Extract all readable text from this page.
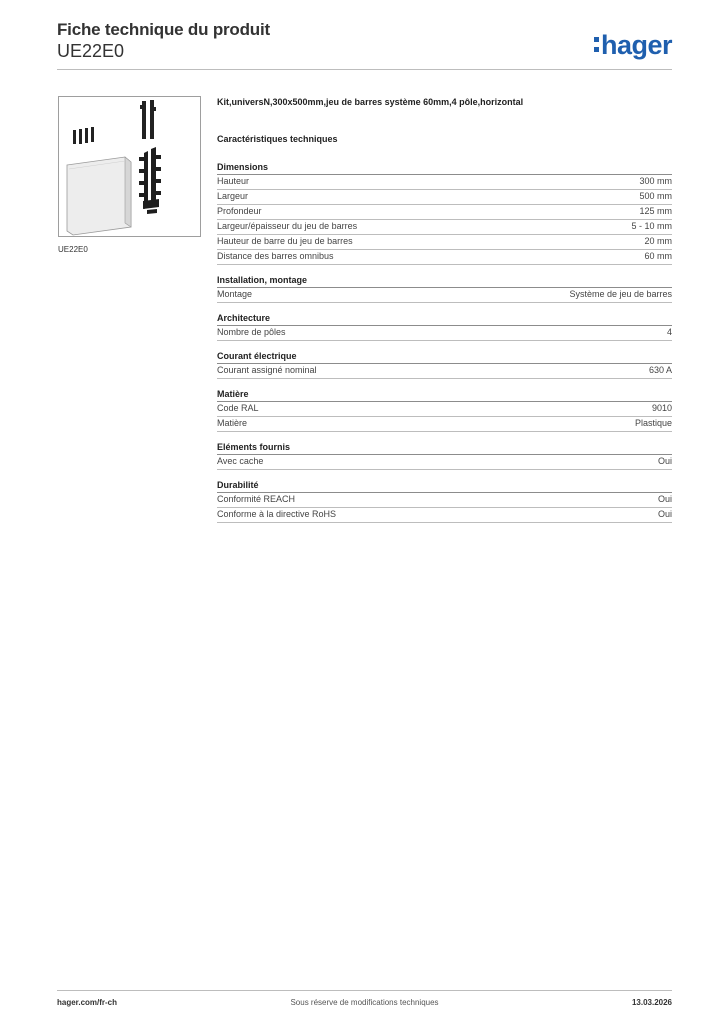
Fiche technique du produit
UE22E0	hager
UE22E0
Kit,universN,300x500mm,jeu de barres système 60mm,4 pôle,horizontal
Caractéristiques techniques
Dimensions
Hauteur	300 mm
Largeur	500 mm
Profondeur	125 mm
Largeur/épaisseur du jeu de barres	5 - 10 mm
Hauteur de barre du jeu de barres	20 mm
Distance des barres omnibus	60 mm
Installation, montage
Montage	Système de jeu de barres
Architecture
Nombre de pôles	4
Courant électrique
Courant assigné nominal	630 A
Matière
Code RAL	9010
Matière	Plastique
Eléments fournis
Avec cache	Oui
Durabilité
Conformité REACH	Oui
Conforme à la directive RoHS	Oui
hager.com/fr-ch	Sous réserve de modifications techniques	13.03.2026
